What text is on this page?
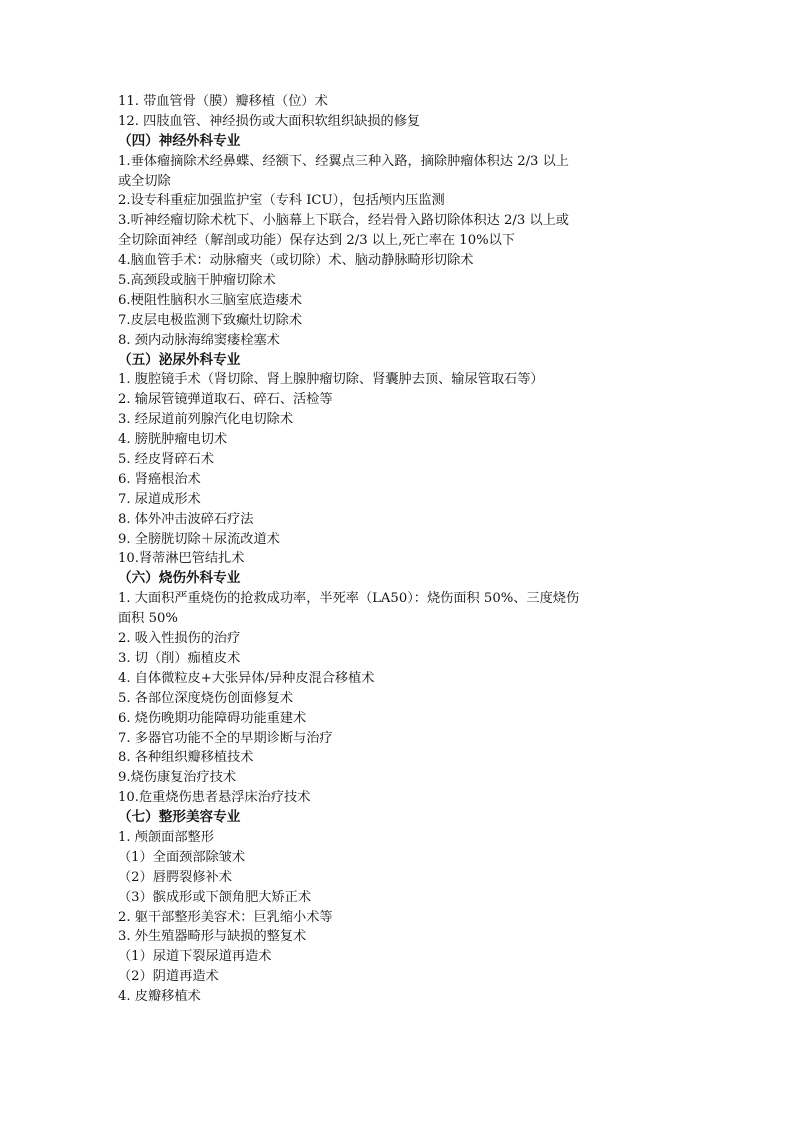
11. 带血管骨（膜）瓣移植（位）术
12. 四肢血管、神经损伤或大面积软组织缺损的修复
（四）神经外科专业
1.垂体瘤摘除术经鼻蝶、经额下、经翼点三种入路，摘除肿瘤体积达 2/3 以上
或全切除
2.设专科重症加强监护室（专科 ICU），包括颅内压监测
3.听神经瘤切除术枕下、小脑幕上下联合，经岩骨入路切除体积达 2/3 以上或
全切除面神经（解剖或功能）保存达到 2/3 以上,死亡率在 10%以下
4.脑血管手术：动脉瘤夹（或切除）术、脑动静脉畸形切除术
5.高颈段或脑干肿瘤切除术
6.梗阻性脑积水三脑室底造瘘术
7.皮层电极监测下致癫灶切除术
8. 颈内动脉海绵窦瘘栓塞术
（五）泌尿外科专业
1. 腹腔镜手术（肾切除、肾上腺肿瘤切除、肾囊肿去顶、输尿管取石等）
2. 输尿管镜弹道取石、碎石、活检等
3. 经尿道前列腺汽化电切除术
4. 膀胱肿瘤电切术
5. 经皮肾碎石术
6. 肾癌根治术
7. 尿道成形术
8. 体外冲击波碎石疗法
9. 全膀胱切除＋尿流改道术
10.肾蒂淋巴管结扎术
（六）烧伤外科专业
1. 大面积严重烧伤的抢救成功率，半死率（LA50）：烧伤面积 50%、三度烧伤
面积 50%
2. 吸入性损伤的治疗
3. 切（削）痂植皮术
4. 自体微粒皮+大张异体/异种皮混合移植术
5. 各部位深度烧伤创面修复术
6. 烧伤晚期功能障碍功能重建术
7. 多器官功能不全的早期诊断与治疗
8. 各种组织瓣移植技术
9.烧伤康复治疗技术
10.危重烧伤患者悬浮床治疗技术
（七）整形美容专业
1. 颅颌面部整形
（1）全面颈部除皱术
（2）唇腭裂修补术
（3）髌成形或下颌角肥大矫正术
2. 躯干部整形美容术：巨乳缩小术等
3. 外生殖器畸形与缺损的整复术
（1）尿道下裂尿道再造术
（2）阴道再造术
4. 皮瓣移植术
